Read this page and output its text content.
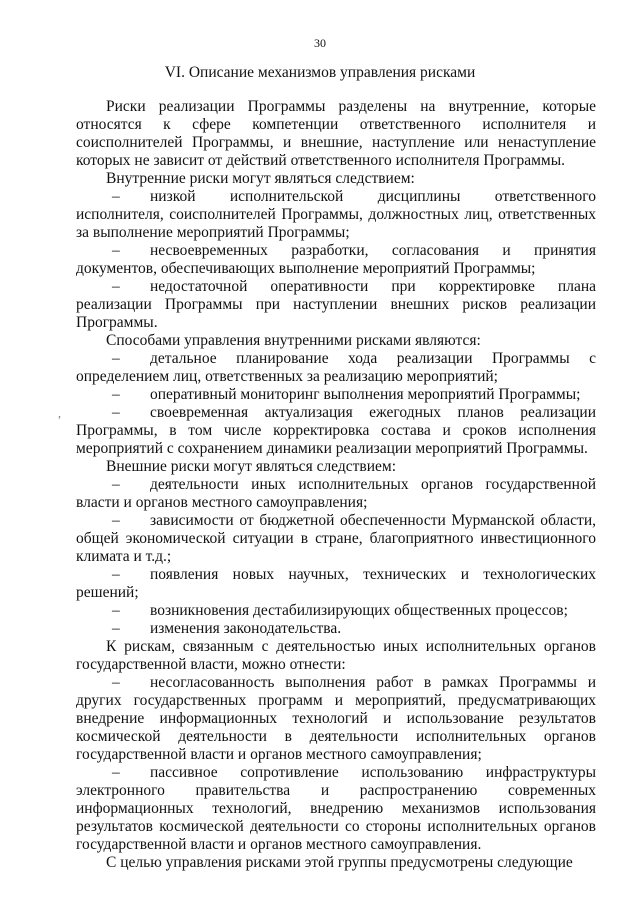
30
VI. Описание механизмов управления рисками
,

Риски реализации Программы разделены на внутренние, которые относятся к сфере компетенции ответственного исполнителя и соисполнителей Программы, и внешние, наступление или ненаступление которых не зависит от действий ответственного исполнителя Программы.

Внутренние риски могут являться следствием:

– низкой исполнительской дисциплины ответственного исполнителя, соисполнителей Программы, должностных лиц, ответственных за выполнение мероприятий Программы;

– несвоевременных разработки, согласования и принятия документов, обеспечивающих выполнение мероприятий Программы;

– недостаточной оперативности при корректировке плана реализации Программы при наступлении внешних рисков реализации Программы.

Способами управления внутренними рисками являются:

– детальное планирование хода реализации Программы с определением лиц, ответственных за реализацию мероприятий;

– оперативный мониторинг выполнения мероприятий Программы;

– своевременная актуализация ежегодных планов реализации Программы, в том числе корректировка состава и сроков исполнения мероприятий с сохранением динамики реализации мероприятий Программы.

Внешние риски могут являться следствием:

– деятельности иных исполнительных органов государственной власти и органов местного самоуправления;

– зависимости от бюджетной обеспеченности Мурманской области, общей экономической ситуации в стране, благоприятного инвестиционного климата и т.д.;

– появления новых научных, технических и технологических решений;

– возникновения дестабилизирующих общественных процессов;

– изменения законодательства.

К рискам, связанным с деятельностью иных исполнительных органов государственной власти, можно отнести:

– несогласованность выполнения работ в рамках Программы и других государственных программ и мероприятий, предусматривающих внедрение информационных технологий и использование результатов космической деятельности в деятельности исполнительных органов государственной власти и органов местного самоуправления;

– пассивное сопротивление использованию инфраструктуры электронного правительства и распространению современных информационных технологий, внедрению механизмов использования результатов космической деятельности со стороны исполнительных органов государственной власти и органов местного самоуправления.

С целью управления рисками этой группы предусмотрены следующие
